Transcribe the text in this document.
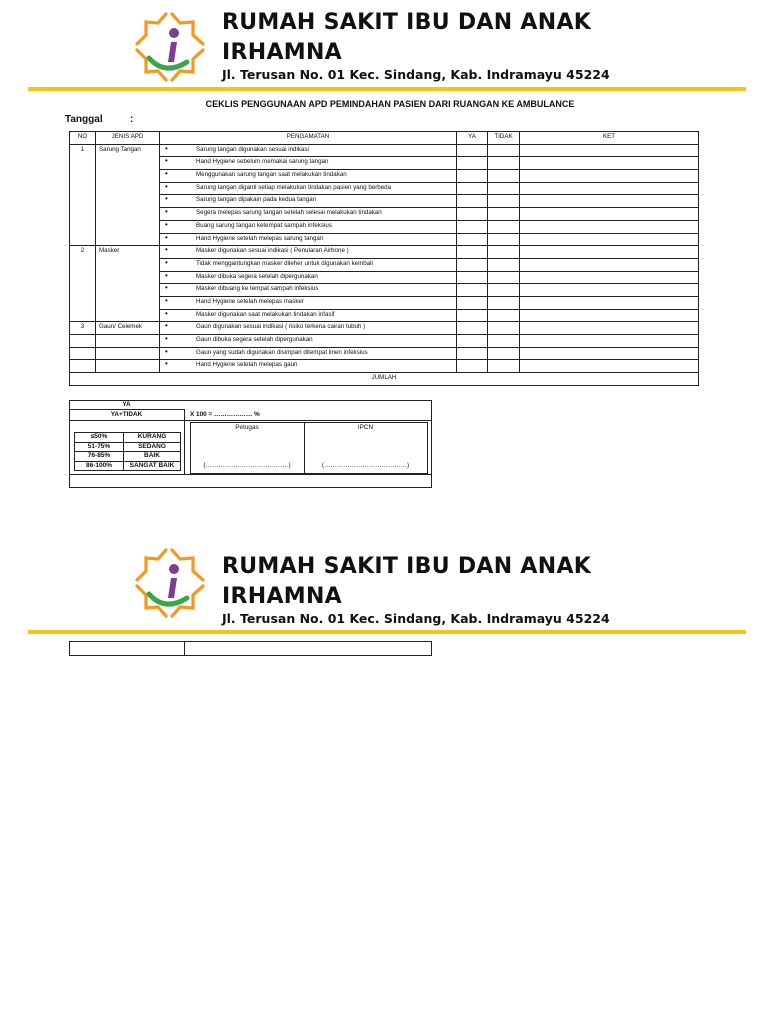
RUMAH SAKIT IBU DAN ANAK
IRHAMNA
Jl. Terusan No. 01 Kec. Sindang, Kab. Indramayu 45224
CEKLIS PENGGUNAAN APD PEMINDAHAN PASIEN DARI RUANGAN KE AMBULANCE
Tanggal	:
NO	JENIS APD	PENGAMATAN	YA	TIDAK	KET
1	Sarung Tangan	• Sarung tangan digunakan sesuai indikasi			
		• Hand Hygiene sebelum memakai sarung tangan			
		• Menggunakan sarung tangan saat melakukan tindakan			
		• Sarung tangan diganti setiap melakukan tindakan pasien yang berbeda			
		• Sarung tangan dipakain pada kedua tangan			
		• Segera melepas sarung tangan setelah selesai melakukan tindakan			
		• Buang sarung tangan ketempat sampah infeksius			
		• Hand Hygiene setelah melepas sarung tangan			
2	Masker	• Masker digunakan sesuai indikasi ( Penularan Airbone )			
		• Tidak menggantungkan masker dileher untuk digunakan kembali			
		• Masker dibuka segera setelah dipergunakan			
		• Masker dibuang ke tempat sampah infeksius			
		• Hand Hygiene setelah melepas masker			
		• Masker digunakan saat melakukan tindakan infasif			
3	Gaun/ Celemek	• Gaun digunakan sesuai indikasi ( risiko terkena cairan tubuh )			
		• Gaun dibuka segera setelah dipergunakan			
		• Gaun yang sudah digunakan disimpan ditempat linen infeksius			
		• Hand Hygiene setelah melepas gaun			
JUMLAH					
YA
YA+TIDAK	X 100 = ……………… %
≤50%	KURANG
51-75%	SEDANG
76-85%	BAIK
86-100%	SANGAT BAIK
Petugas	IPCN
(…………………………………)	(…………………………………)
RUMAH SAKIT IBU DAN ANAK
IRHAMNA
Jl. Terusan No. 01 Kec. Sindang, Kab. Indramayu 45224
